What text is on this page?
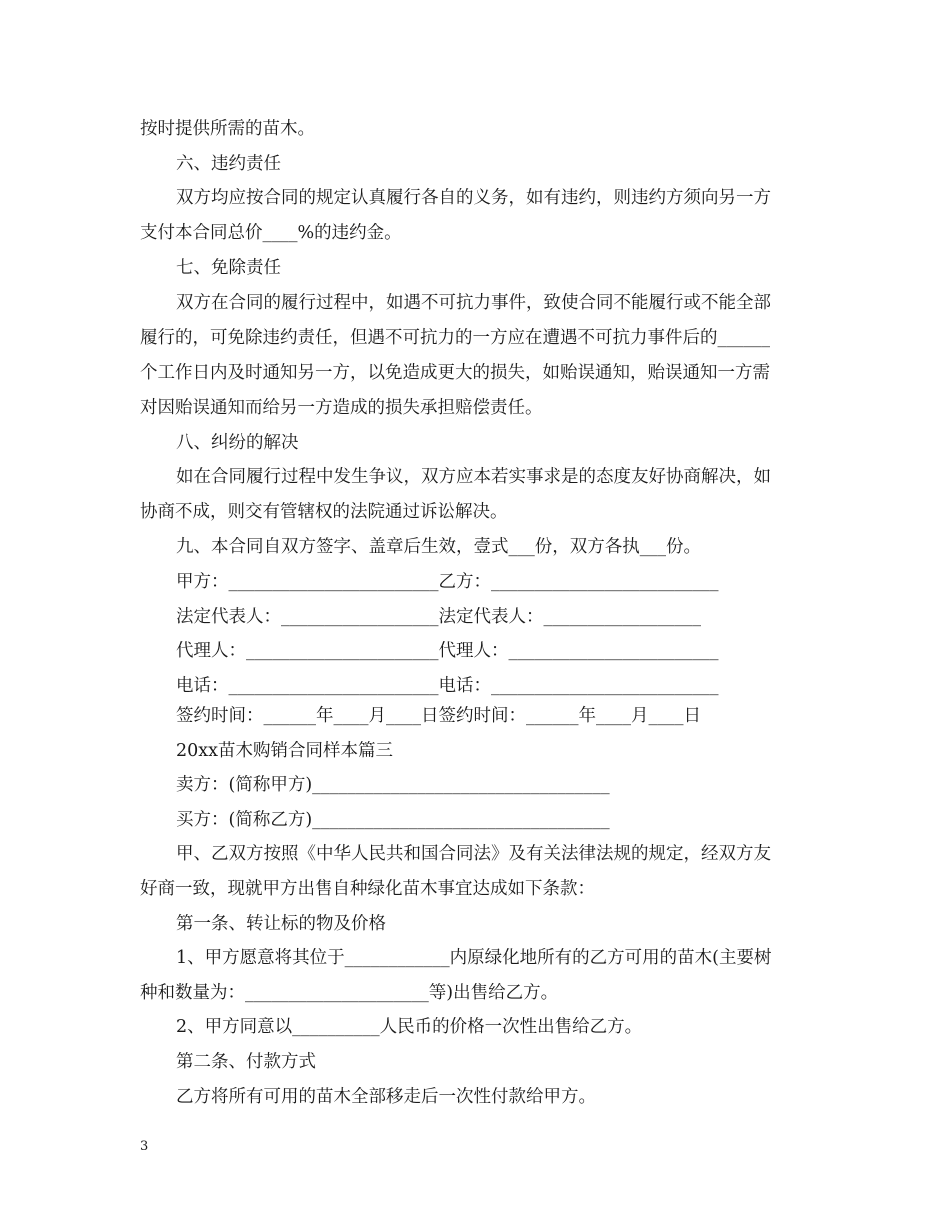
按时提供所需的苗木。
六、违约责任
双方均应按合同的规定认真履行各自的义务，如有违约，则违约方须向另一方
支付本合同总价____%的违约金。
七、免除责任
双方在合同的履行过程中，如遇不可抗力事件，致使合同不能履行或不能全部
履行的，可免除违约责任，但遇不可抗力的一方应在遭遇不可抗力事件后的______
个工作日内及时通知另一方，以免造成更大的损失，如贻误通知，贻误通知一方需
对因贻误通知而给另一方造成的损失承担赔偿责任。
八、纠纷的解决
如在合同履行过程中发生争议，双方应本若实事求是的态度友好协商解决，如
协商不成，则交有管辖权的法院通过诉讼解决。
九、本合同自双方签字、盖章后生效，壹式___份，双方各执___份。
甲方：________________________乙方：__________________________
法定代表人：__________________法定代表人：__________________
代理人：______________________代理人：________________________
电话：________________________电话：__________________________
签约时间：______年____月____日签约时间：______年____月____日
20xx苗木购销合同样本篇三
卖方：(简称甲方)__________________________________
买方：(简称乙方)__________________________________
甲、乙双方按照《中华人民共和国合同法》及有关法律法规的规定，经双方友
好商一致，现就甲方出售自种绿化苗木事宜达成如下条款：
第一条、转让标的物及价格
1、甲方愿意将其位于____________内原绿化地所有的乙方可用的苗木(主要树
种和数量为：_____________________等)出售给乙方。
2、甲方同意以__________人民币的价格一次性出售给乙方。
第二条、付款方式
乙方将所有可用的苗木全部移走后一次性付款给甲方。
3
